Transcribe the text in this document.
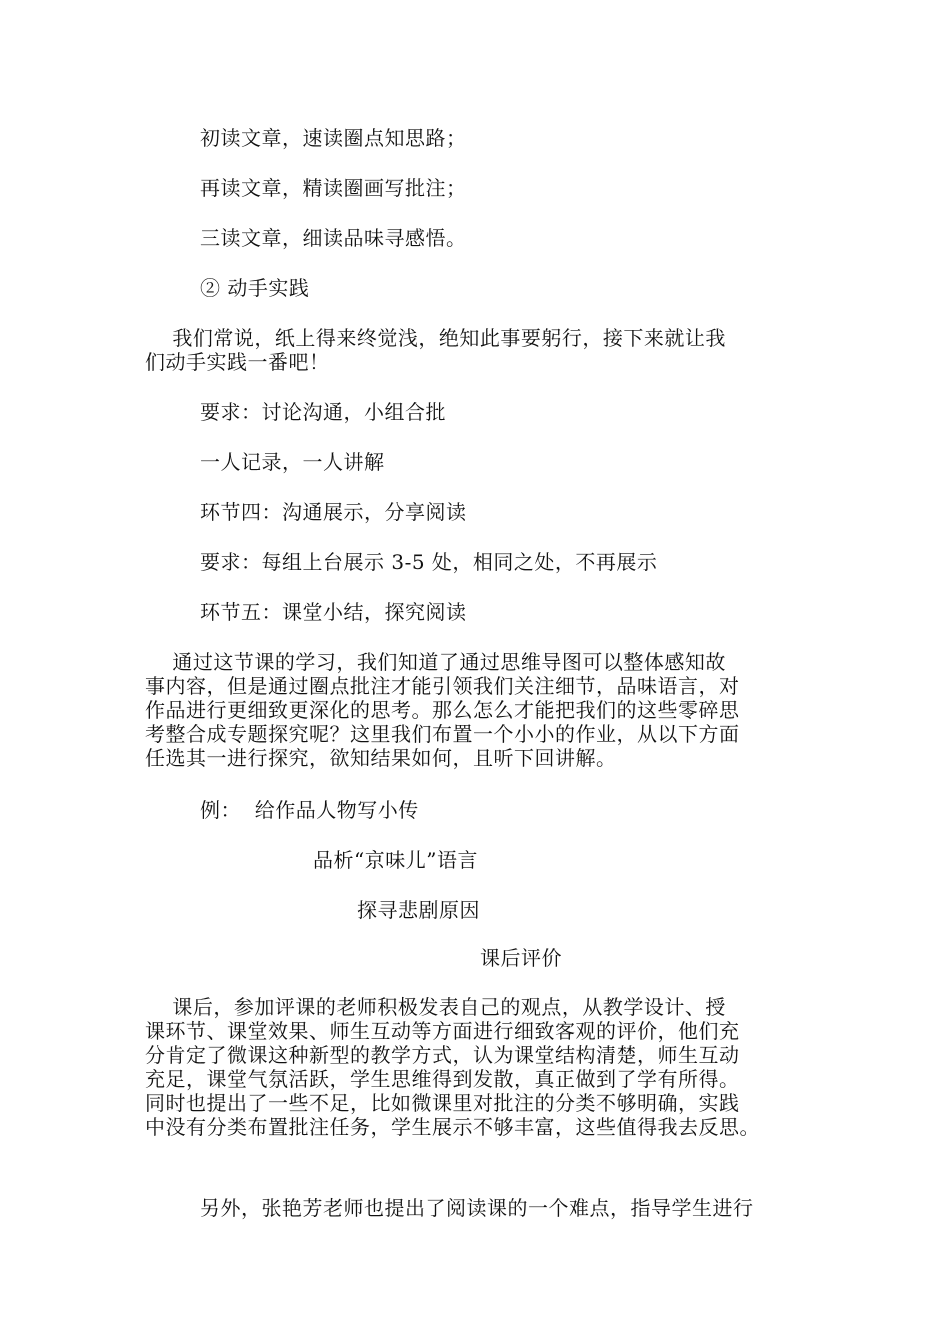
初读文章，速读圈点知思路；

再读文章，精读圈画写批注；

三读文章，细读品味寻感悟。

② 动手实践

我们常说，纸上得来终觉浅，绝知此事要躬行，接下来就让我
们动手实践一番吧！

要求：讨论沟通，小组合批

一人记录，一人讲解

环节四：沟通展示，分享阅读

要求：每组上台展示 3-5 处，相同之处，不再展示

环节五：课堂小结，探究阅读

通过这节课的学习，我们知道了通过思维导图可以整体感知故
事内容，但是通过圈点批注才能引领我们关注细节，品味语言，对
作品进行更细致更深化的思考。那么怎么才能把我们的这些零碎思
考整合成专题探究呢？这里我们布置一个小小的作业，从以下方面
任选其一进行探究，欲知结果如何，且听下回讲解。

例：  给作品人物写小传

品析“京味儿”语言

探寻悲剧原因

课后评价

课后，参加评课的老师积极发表自己的观点，从教学设计、授
课环节、课堂效果、师生互动等方面进行细致客观的评价，他们充
分肯定了微课这种新型的教学方式，认为课堂结构清楚，师生互动
充足，课堂气氛活跃，学生思维得到发散，真正做到了学有所得。
同时也提出了一些不足，比如微课里对批注的分类不够明确，实践
中没有分类布置批注任务，学生展示不够丰富，这些值得我去反思。

另外，张艳芳老师也提出了阅读课的一个难点，指导学生进行
